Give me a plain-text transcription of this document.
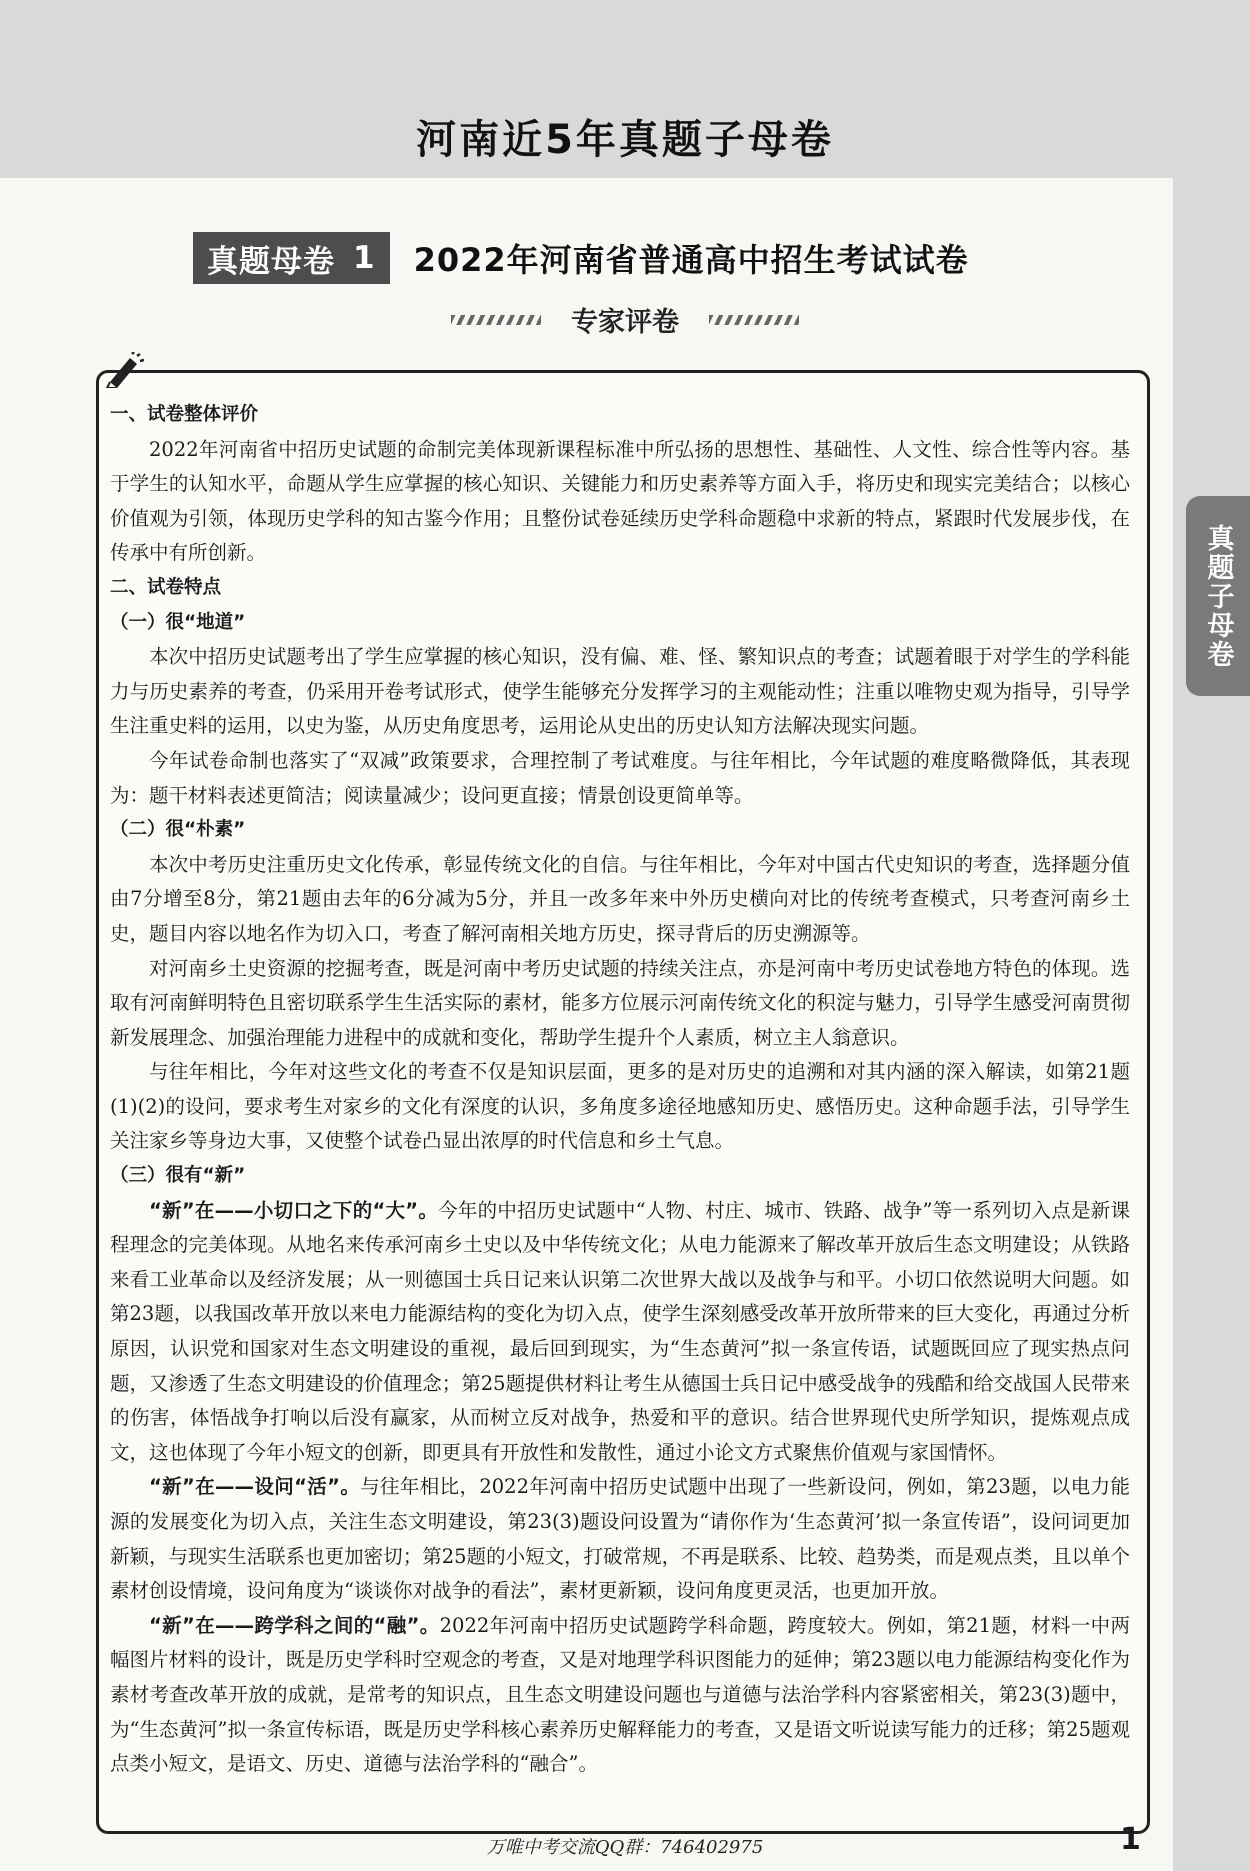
河南近5年真题子母卷
真题子母卷
真题母卷 1 2022年河南省普通高中招生考试试卷
专家评卷

一、试卷整体评价

2022年河南省中招历史试题的命制完美体现新课程标准中所弘扬的思想性、基础性、人文性、综合性等内容。基于学生的认知水平，命题从学生应掌握的核心知识、关键能力和历史素养等方面入手，将历史和现实完美结合；以核心价值观为引领，体现历史学科的知古鉴今作用；且整份试卷延续历史学科命题稳中求新的特点，紧跟时代发展步伐，在传承中有所创新。

二、试卷特点

（一）很“地道”

本次中招历史试题考出了学生应掌握的核心知识，没有偏、难、怪、繁知识点的考查；试题着眼于对学生的学科能力与历史素养的考查，仍采用开卷考试形式，使学生能够充分发挥学习的主观能动性；注重以唯物史观为指导，引导学生注重史料的运用，以史为鉴，从历史角度思考，运用论从史出的历史认知方法解决现实问题。

今年试卷命制也落实了“双减”政策要求，合理控制了考试难度。与往年相比，今年试题的难度略微降低，其表现为：题干材料表述更简洁；阅读量减少；设问更直接；情景创设更简单等。

（二）很“朴素”

本次中考历史注重历史文化传承，彰显传统文化的自信。与往年相比，今年对中国古代史知识的考查，选择题分值由7分增至8分，第21题由去年的6分减为5分，并且一改多年来中外历史横向对比的传统考查模式，只考查河南乡土史，题目内容以地名作为切入口，考查了解河南相关地方历史，探寻背后的历史溯源等。

对河南乡土史资源的挖掘考查，既是河南中考历史试题的持续关注点，亦是河南中考历史试卷地方特色的体现。选取有河南鲜明特色且密切联系学生生活实际的素材，能多方位展示河南传统文化的积淀与魅力，引导学生感受河南贯彻新发展理念、加强治理能力进程中的成就和变化，帮助学生提升个人素质，树立主人翁意识。

与往年相比，今年对这些文化的考查不仅是知识层面，更多的是对历史的追溯和对其内涵的深入解读，如第21题(1)(2)的设问，要求考生对家乡的文化有深度的认识，多角度多途径地感知历史、感悟历史。这种命题手法，引导学生关注家乡等身边大事，又使整个试卷凸显出浓厚的时代信息和乡土气息。

（三）很有“新”

“新”在——小切口之下的“大”。今年的中招历史试题中“人物、村庄、城市、铁路、战争”等一系列切入点是新课程理念的完美体现。从地名来传承河南乡土史以及中华传统文化；从电力能源来了解改革开放后生态文明建设；从铁路来看工业革命以及经济发展；从一则德国士兵日记来认识第二次世界大战以及战争与和平。小切口依然说明大问题。如第23题，以我国改革开放以来电力能源结构的变化为切入点，使学生深刻感受改革开放所带来的巨大变化，再通过分析原因，认识党和国家对生态文明建设的重视，最后回到现实，为“生态黄河”拟一条宣传语，试题既回应了现实热点问题，又渗透了生态文明建设的价值理念；第25题提供材料让考生从德国士兵日记中感受战争的残酷和给交战国人民带来的伤害，体悟战争打响以后没有赢家，从而树立反对战争，热爱和平的意识。结合世界现代史所学知识，提炼观点成文，这也体现了今年小短文的创新，即更具有开放性和发散性，通过小论文方式聚焦价值观与家国情怀。

“新”在——设问“活”。与往年相比，2022年河南中招历史试题中出现了一些新设问，例如，第23题，以电力能源的发展变化为切入点，关注生态文明建设，第23(3)题设问设置为“请你作为‘生态黄河’拟一条宣传语”，设问词更加新颖，与现实生活联系也更加密切；第25题的小短文，打破常规，不再是联系、比较、趋势类，而是观点类，且以单个素材创设情境，设问角度为“谈谈你对战争的看法”，素材更新颖，设问角度更灵活，也更加开放。

“新”在——跨学科之间的“融”。2022年河南中招历史试题跨学科命题，跨度较大。例如，第21题，材料一中两幅图片材料的设计，既是历史学科时空观念的考查，又是对地理学科识图能力的延伸；第23题以电力能源结构变化作为素材考查改革开放的成就，是常考的知识点，且生态文明建设问题也与道德与法治学科内容紧密相关，第23(3)题中，为“生态黄河”拟一条宣传标语，既是历史学科核心素养历史解释能力的考查，又是语文听说读写能力的迁移；第25题观点类小短文，是语文、历史、道德与法治学科的“融合”。

万唯中考交流QQ群：746402975	1
